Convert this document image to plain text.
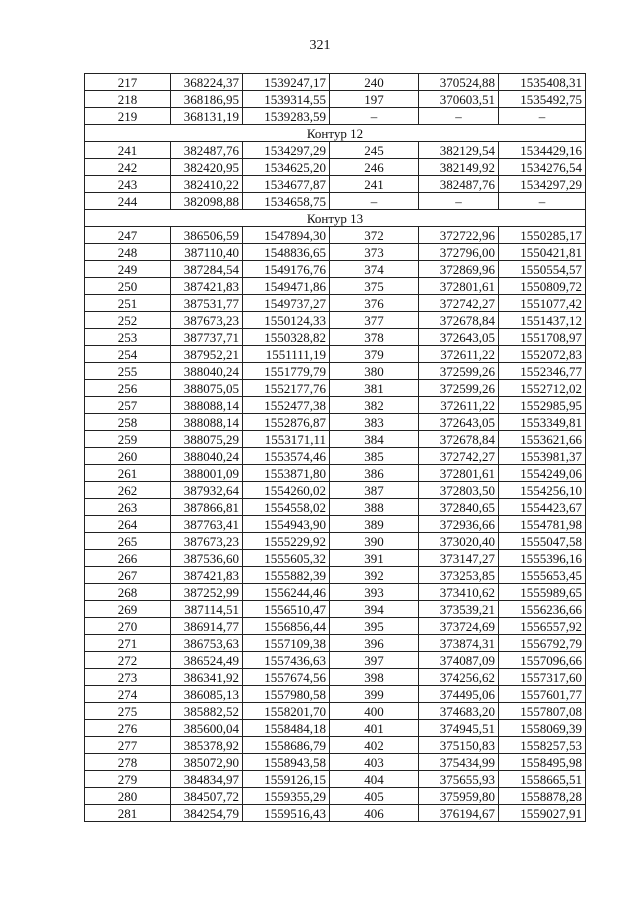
321
217	368224,37	1539247,17	240	370524,88	1535408,31
218	368186,95	1539314,55	197	370603,51	1535492,75
219	368131,19	1539283,59	–	–	–
Контур 12					
241	382487,76	1534297,29	245	382129,54	1534429,16
242	382420,95	1534625,20	246	382149,92	1534276,54
243	382410,22	1534677,87	241	382487,76	1534297,29
244	382098,88	1534658,75	–	–	–
Контур 13					
247	386506,59	1547894,30	372	372722,96	1550285,17
248	387110,40	1548836,65	373	372796,00	1550421,81
249	387284,54	1549176,76	374	372869,96	1550554,57
250	387421,83	1549471,86	375	372801,61	1550809,72
251	387531,77	1549737,27	376	372742,27	1551077,42
252	387673,23	1550124,33	377	372678,84	1551437,12
253	387737,71	1550328,82	378	372643,05	1551708,97
254	387952,21	1551111,19	379	372611,22	1552072,83
255	388040,24	1551779,79	380	372599,26	1552346,77
256	388075,05	1552177,76	381	372599,26	1552712,02
257	388088,14	1552477,38	382	372611,22	1552985,95
258	388088,14	1552876,87	383	372643,05	1553349,81
259	388075,29	1553171,11	384	372678,84	1553621,66
260	388040,24	1553574,46	385	372742,27	1553981,37
261	388001,09	1553871,80	386	372801,61	1554249,06
262	387932,64	1554260,02	387	372803,50	1554256,10
263	387866,81	1554558,02	388	372840,65	1554423,67
264	387763,41	1554943,90	389	372936,66	1554781,98
265	387673,23	1555229,92	390	373020,40	1555047,58
266	387536,60	1555605,32	391	373147,27	1555396,16
267	387421,83	1555882,39	392	373253,85	1555653,45
268	387252,99	1556244,46	393	373410,62	1555989,65
269	387114,51	1556510,47	394	373539,21	1556236,66
270	386914,77	1556856,44	395	373724,69	1556557,92
271	386753,63	1557109,38	396	373874,31	1556792,79
272	386524,49	1557436,63	397	374087,09	1557096,66
273	386341,92	1557674,56	398	374256,62	1557317,60
274	386085,13	1557980,58	399	374495,06	1557601,77
275	385882,52	1558201,70	400	374683,20	1557807,08
276	385600,04	1558484,18	401	374945,51	1558069,39
277	385378,92	1558686,79	402	375150,83	1558257,53
278	385072,90	1558943,58	403	375434,99	1558495,98
279	384834,97	1559126,15	404	375655,93	1558665,51
280	384507,72	1559355,29	405	375959,80	1558878,28
281	384254,79	1559516,43	406	376194,67	1559027,91
